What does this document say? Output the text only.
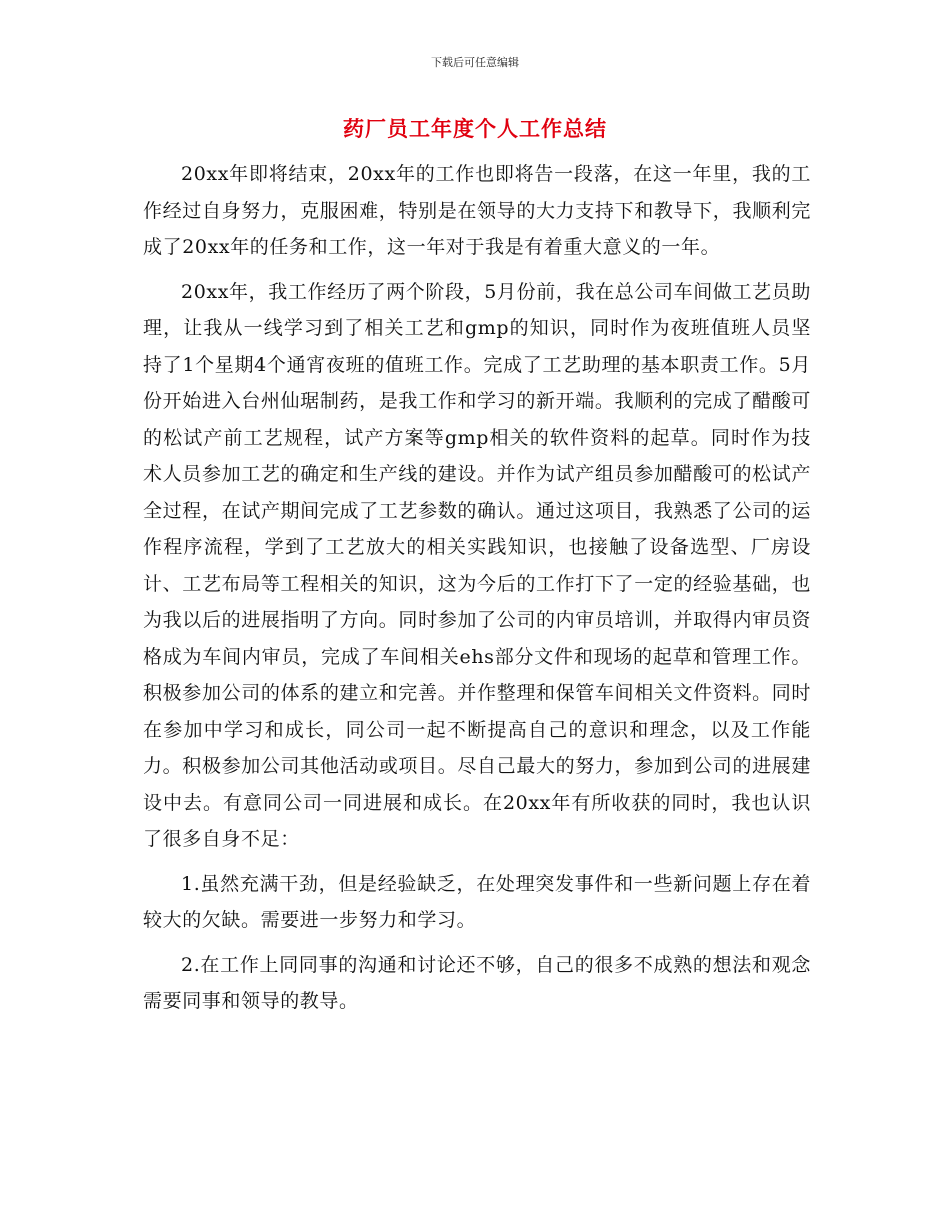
下载后可任意编辑
药厂员工年度个人工作总结

20xx年即将结束，20xx年的工作也即将告一段落，在这一年里，我的工作经过自身努力，克服困难，特别是在领导的大力支持下和教导下，我顺利完成了20xx年的任务和工作，这一年对于我是有着重大意义的一年。

20xx年，我工作经历了两个阶段，5月份前，我在总公司车间做工艺员助理，让我从一线学习到了相关工艺和gmp的知识，同时作为夜班值班人员坚持了1个星期4个通宵夜班的值班工作。完成了工艺助理的基本职责工作。5月份开始进入台州仙琚制药，是我工作和学习的新开端。我顺利的完成了醋酸可的松试产前工艺规程，试产方案等gmp相关的软件资料的起草。同时作为技术人员参加工艺的确定和生产线的建设。并作为试产组员参加醋酸可的松试产全过程，在试产期间完成了工艺参数的确认。通过这项目，我熟悉了公司的运作程序流程，学到了工艺放大的相关实践知识，也接触了设备选型、厂房设计、工艺布局等工程相关的知识，这为今后的工作打下了一定的经验基础，也为我以后的进展指明了方向。同时参加了公司的内审员培训，并取得内审员资格成为车间内审员，完成了车间相关ehs部分文件和现场的起草和管理工作。积极参加公司的体系的建立和完善。并作整理和保管车间相关文件资料。同时在参加中学习和成长，同公司一起不断提高自己的意识和理念，以及工作能力。积极参加公司其他活动或项目。尽自己最大的努力，参加到公司的进展建设中去。有意同公司一同进展和成长。在20xx年有所收获的同时，我也认识了很多自身不足：

1.虽然充满干劲，但是经验缺乏，在处理突发事件和一些新问题上存在着较大的欠缺。需要进一步努力和学习。

2.在工作上同同事的沟通和讨论还不够，自己的很多不成熟的想法和观念需要同事和领导的教导。
